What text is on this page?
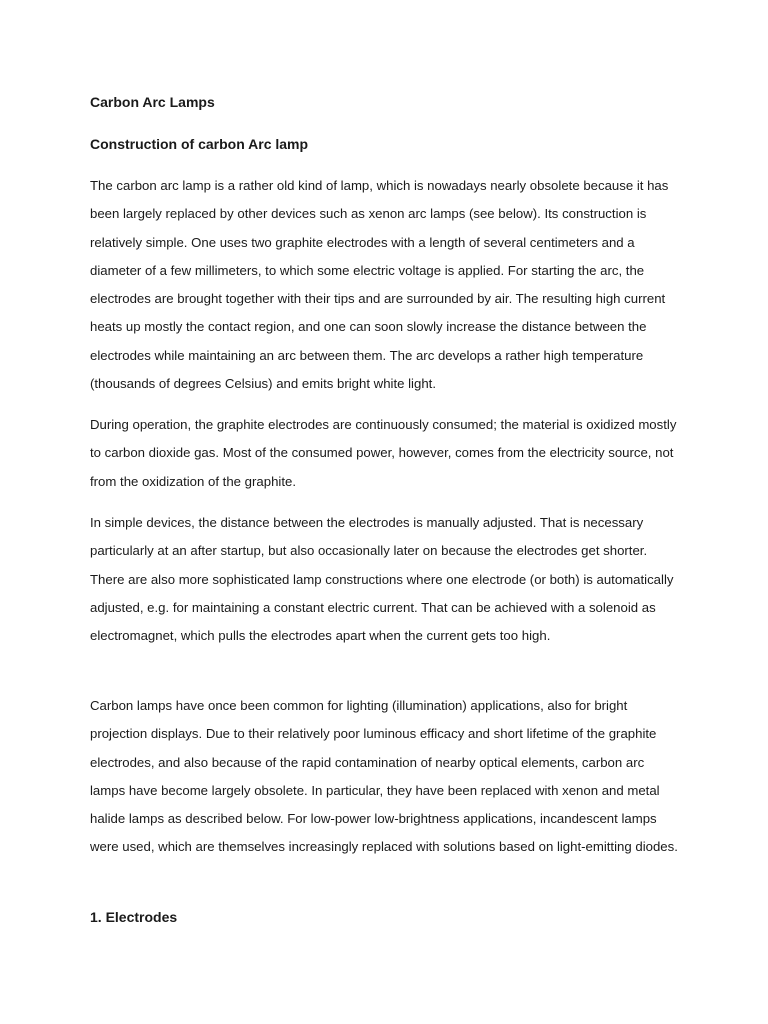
Carbon Arc Lamps
Construction of carbon Arc lamp

The carbon arc lamp is a rather old kind of lamp, which is nowadays nearly obsolete because it has been largely replaced by other devices such as xenon arc lamps (see below). Its construction is relatively simple. One uses two graphite electrodes with a length of several centimeters and a diameter of a few millimeters, to which some electric voltage is applied. For starting the arc, the electrodes are brought together with their tips and are surrounded by air. The resulting high current heats up mostly the contact region, and one can soon slowly increase the distance between the electrodes while maintaining an arc between them. The arc develops a rather high temperature (thousands of degrees Celsius) and emits bright white light.

During operation, the graphite electrodes are continuously consumed; the material is oxidized mostly to carbon dioxide gas. Most of the consumed power, however, comes from the electricity source, not from the oxidization of the graphite.

In simple devices, the distance between the electrodes is manually adjusted. That is necessary particularly at an after startup, but also occasionally later on because the electrodes get shorter. There are also more sophisticated lamp constructions where one electrode (or both) is automatically adjusted, e.g. for maintaining a constant electric current. That can be achieved with a solenoid as electromagnet, which pulls the electrodes apart when the current gets too high.

Carbon lamps have once been common for lighting (illumination) applications, also for bright projection displays. Due to their relatively poor luminous efficacy and short lifetime of the graphite electrodes, and also because of the rapid contamination of nearby optical elements, carbon arc lamps have become largely obsolete. In particular, they have been replaced with xenon and metal halide lamps as described below. For low-power low-brightness applications, incandescent lamps were used, which are themselves increasingly replaced with solutions based on light-emitting diodes.

1. Electrodes
